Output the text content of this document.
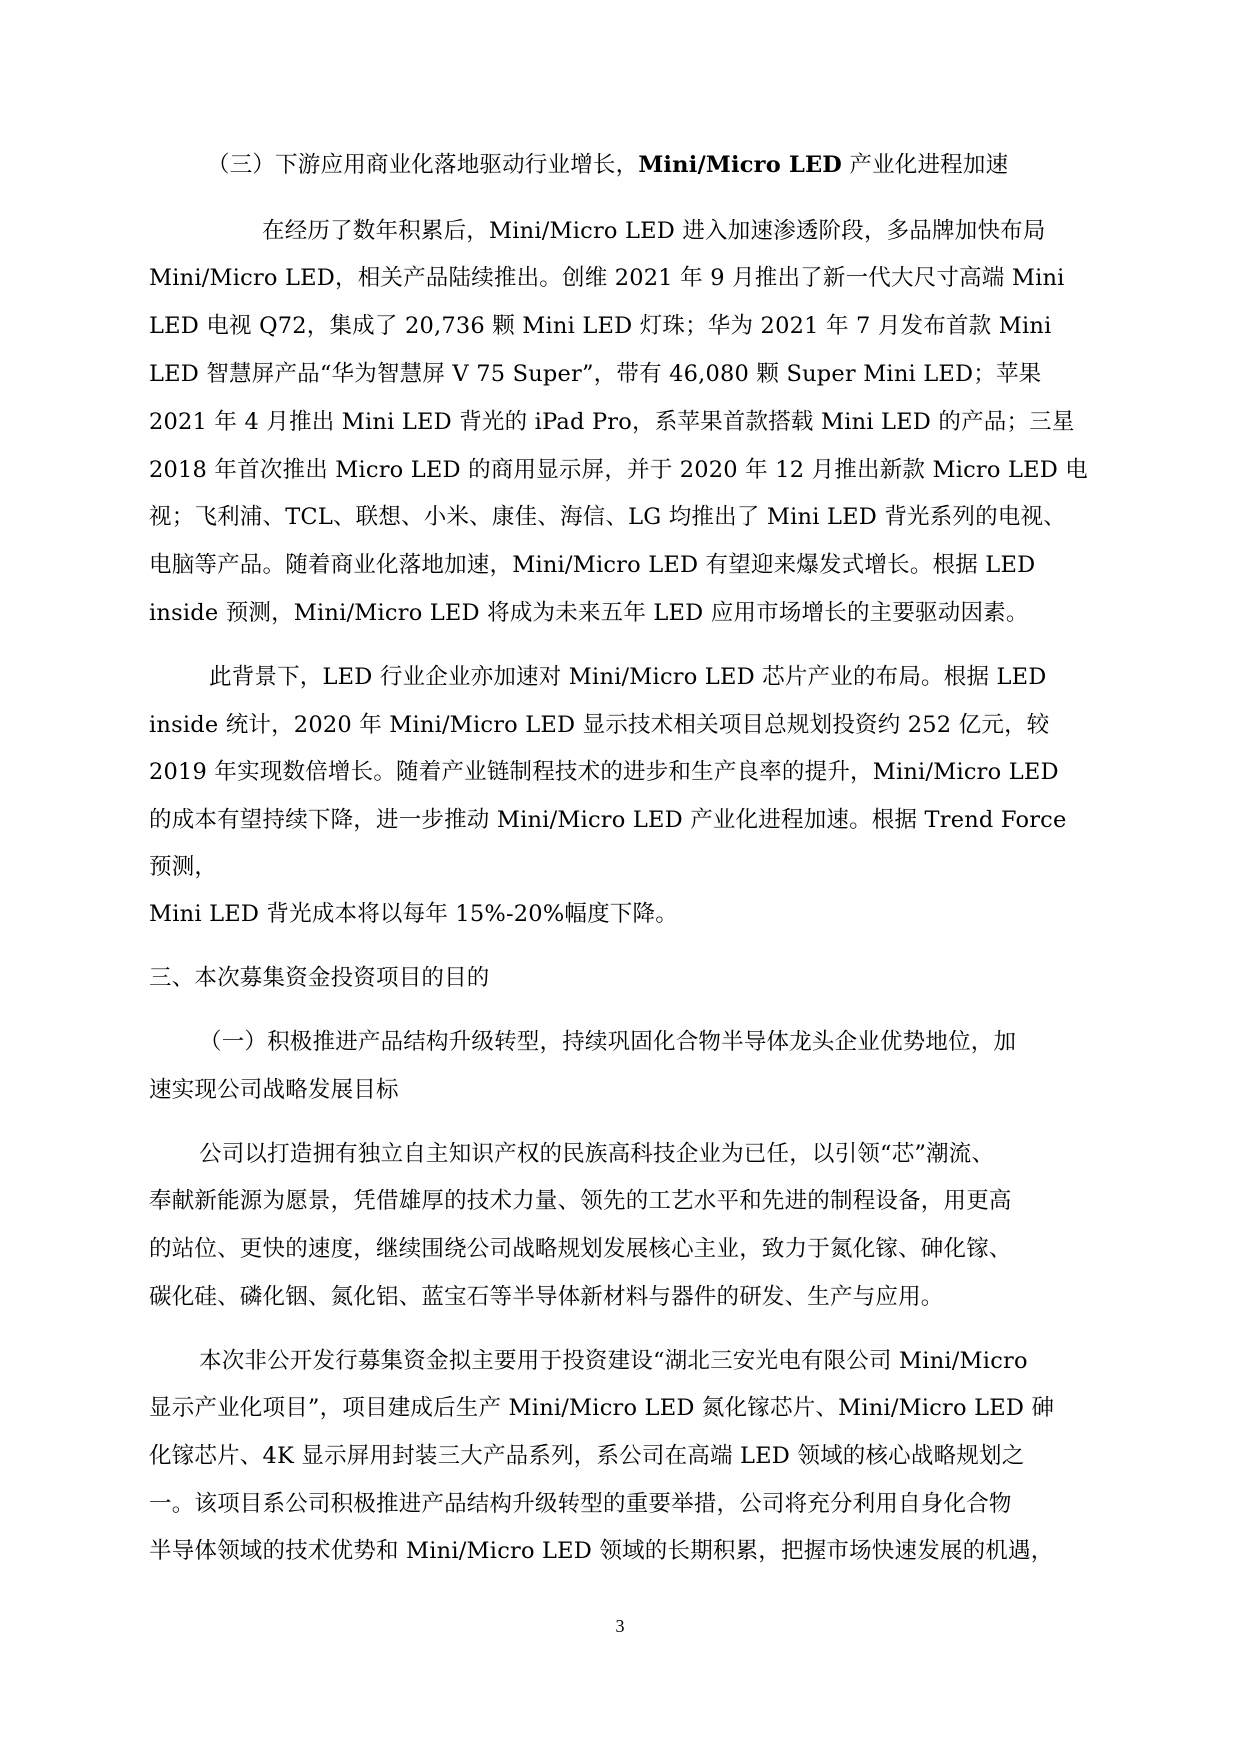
（三）下游应用商业化落地驱动行业增长，Mini/Micro LED 产业化进程加速
在经历了数年积累后，Mini/Micro LED 进入加速渗透阶段，多品牌加快布局
Mini/Micro LED，相关产品陆续推出。创维 2021 年 9 月推出了新一代大尺寸高端 Mini
LED 电视 Q72，集成了 20,736 颗 Mini LED 灯珠；华为 2021 年 7 月发布首款 Mini
LED 智慧屏产品“华为智慧屏 V 75 Super”，带有 46,080 颗 Super Mini LED；苹果
2021 年 4 月推出 Mini LED 背光的 iPad Pro，系苹果首款搭载 Mini LED 的产品；三星
2018 年首次推出 Micro LED 的商用显示屏，并于 2020 年 12 月推出新款 Micro LED 电
视；飞利浦、TCL、联想、小米、康佳、海信、LG 均推出了 Mini LED 背光系列的电视、
电脑等产品。随着商业化落地加速，Mini/Micro LED 有望迎来爆发式增长。根据 LED
inside 预测，Mini/Micro LED 将成为未来五年 LED 应用市场增长的主要驱动因素。
此背景下，LED 行业企业亦加速对 Mini/Micro LED 芯片产业的布局。根据 LED
inside 统计，2020 年 Mini/Micro LED 显示技术相关项目总规划投资约 252 亿元，较
2019 年实现数倍增长。随着产业链制程技术的进步和生产良率的提升，Mini/Micro LED
的成本有望持续下降，进一步推动 Mini/Micro LED 产业化进程加速。根据 Trend Force
预测，
Mini LED 背光成本将以每年 15%-20%幅度下降。
三、本次募集资金投资项目的目的
（一）积极推进产品结构升级转型，持续巩固化合物半导体龙头企业优势地位，加
速实现公司战略发展目标
公司以打造拥有独立自主知识产权的民族高科技企业为已任，以引领“芯”潮流、
奉献新能源为愿景，凭借雄厚的技术力量、领先的工艺水平和先进的制程设备，用更高
的站位、更快的速度，继续围绕公司战略规划发展核心主业，致力于氮化镓、砷化镓、
碳化硅、磷化铟、氮化铝、蓝宝石等半导体新材料与器件的研发、生产与应用。
本次非公开发行募集资金拟主要用于投资建设“湖北三安光电有限公司 Mini/Micro
显示产业化项目”，项目建成后生产 Mini/Micro LED 氮化镓芯片、Mini/Micro LED 砷
化镓芯片、4K 显示屏用封装三大产品系列，系公司在高端 LED 领域的核心战略规划之
一。该项目系公司积极推进产品结构升级转型的重要举措，公司将充分利用自身化合物
半导体领域的技术优势和 Mini/Micro LED 领域的长期积累，把握市场快速发展的机遇，
3
